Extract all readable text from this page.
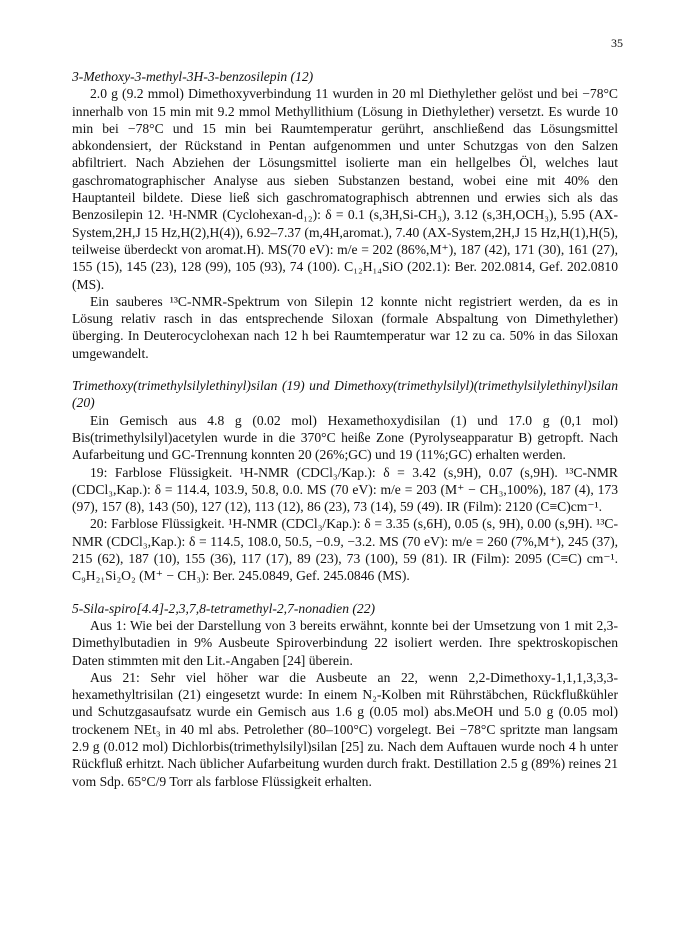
35

3-Methoxy-3-methyl-3H-3-benzosilepin (12)

2.0 g (9.2 mmol) Dimethoxyverbindung 11 wurden in 20 ml Diethylether gelöst und bei −78°C innerhalb von 15 min mit 9.2 mmol Methyllithium (Lösung in Diethylether) versetzt. Es wurde 10 min bei −78°C und 15 min bei Raumtemperatur gerührt, anschließend das Lösungsmittel abkondensiert, der Rückstand in Pentan aufgenommen und unter Schutzgas von den Salzen abfiltriert. Nach Abziehen der Lösungsmittel isolierte man ein hellgelbes Öl, welches laut gaschromatographischer Analyse aus sieben Substanzen bestand, wobei eine mit 40% den Hauptanteil bildete. Diese ließ sich gaschromatographisch abtrennen und erwies sich als das Benzosilepin 12. ¹H-NMR (Cyclohexan-d₁₂): δ = 0.1 (s,3H,Si-CH₃), 3.12 (s,3H,OCH₃), 5.95 (AX-System,2H,J 15 Hz,H(2),H(4)), 6.92–7.37 (m,4H,aromat.), 7.40 (AX-System,2H,J 15 Hz,H(1),H(5), teilweise überdeckt von aromat.H). MS(70 eV): m/e = 202 (86%,M⁺), 187 (42), 171 (30), 161 (27), 155 (15), 145 (23), 128 (99), 105 (93), 74 (100). C₁₂H₁₄SiO (202.1): Ber. 202.0814, Gef. 202.0810 (MS).

Ein sauberes ¹³C-NMR-Spektrum von Silepin 12 konnte nicht registriert werden, da es in Lösung relativ rasch in das entsprechende Siloxan (formale Abspaltung von Dimethylether) überging. In Deuterocyclohexan nach 12 h bei Raumtemperatur war 12 zu ca. 50% in das Siloxan umgewandelt.

Trimethoxy(trimethylsilylethinyl)silan (19) und Dimethoxy(trimethylsilyl)(trimethylsilylethinyl)silan (20)

Ein Gemisch aus 4.8 g (0.02 mol) Hexamethoxydisilan (1) und 17.0 g (0,1 mol) Bis(trimethylsilyl)acetylen wurde in die 370°C heiße Zone (Pyrolyseapparatur B) getropft. Nach Aufarbeitung und GC-Trennung konnten 20 (26%;GC) und 19 (11%;GC) erhalten werden.

19: Farblose Flüssigkeit. ¹H-NMR (CDCl₃/Kap.): δ = 3.42 (s,9H), 0.07 (s,9H). ¹³C-NMR (CDCl₃,Kap.): δ = 114.4, 103.9, 50.8, 0.0. MS (70 eV): m/e = 203 (M⁺ − CH₃,100%), 187 (4), 173 (97), 157 (8), 143 (50), 127 (12), 113 (12), 86 (23), 73 (14), 59 (49). IR (Film): 2120 (C≡C)cm⁻¹.

20: Farblose Flüssigkeit. ¹H-NMR (CDCl₃/Kap.): δ = 3.35 (s,6H), 0.05 (s, 9H), 0.00 (s,9H). ¹³C-NMR (CDCl₃,Kap.): δ = 114.5, 108.0, 50.5, −0.9, −3.2. MS (70 eV): m/e = 260 (7%,M⁺), 245 (37), 215 (62), 187 (10), 155 (36), 117 (17), 89 (23), 73 (100), 59 (81). IR (Film): 2095 (C≡C) cm⁻¹. C₉H₂₁Si₂O₂ (M⁺ − CH₃): Ber. 245.0849, Gef. 245.0846 (MS).

5-Sila-spiro[4.4]-2,3,7,8-tetramethyl-2,7-nonadien (22)

Aus 1: Wie bei der Darstellung von 3 bereits erwähnt, konnte bei der Umsetzung von 1 mit 2,3-Dimethylbutadien in 9% Ausbeute Spiroverbindung 22 isoliert werden. Ihre spektroskopischen Daten stimmten mit den Lit.-Angaben [24] überein.

Aus 21: Sehr viel höher war die Ausbeute an 22, wenn 2,2-Dimethoxy-1,1,1,3,3,3-hexamethyltrisilan (21) eingesetzt wurde: In einem N₂-Kolben mit Rührstäbchen, Rückflußkühler und Schutzgasaufsatz wurde ein Gemisch aus 1.6 g (0.05 mol) abs.MeOH und 5.0 g (0.05 mol) trockenem NEt₃ in 40 ml abs. Petrolether (80–100°C) vorgelegt. Bei −78°C spritzte man langsam 2.9 g (0.012 mol) Dichlorbis(trimethylsilyl)silan [25] zu. Nach dem Auftauen wurde noch 4 h unter Rückfluß erhitzt. Nach üblicher Aufarbeitung wurden durch frakt. Destillation 2.5 g (89%) reines 21 vom Sdp. 65°C/9 Torr als farblose Flüssigkeit erhalten.
